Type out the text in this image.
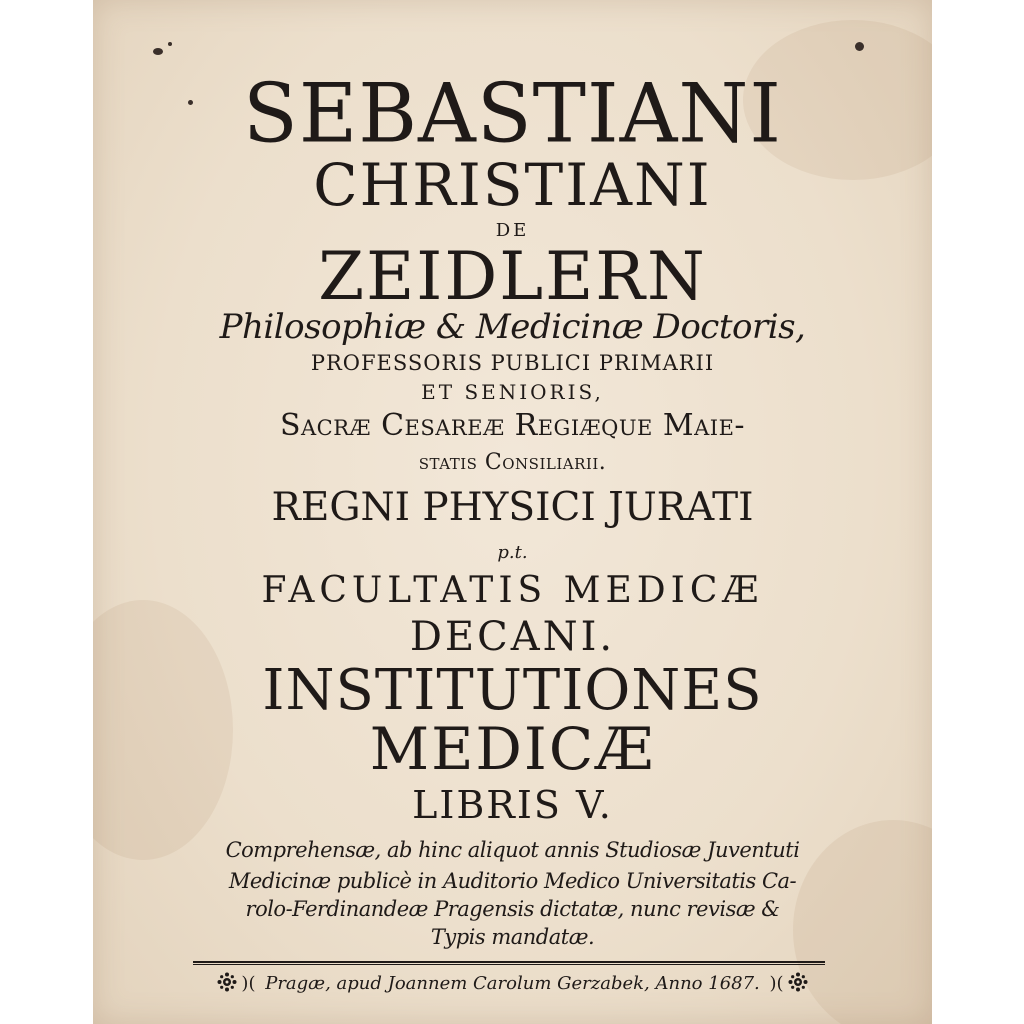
SEBASTIANI
CHRISTIANI
DE
ZEIDLERN
Philosophiæ & Medicinæ Doctoris,
PROFESSORIS PUBLICI PRIMARII
ET SENIORIS,
Sacræ Cesareæ Regiæque Maie-
statis Consiliarii.
REGNI PHYSICI JURATI
p.t.
FACULTATIS MEDICÆ
DECANI.
INSTITUTIONES
MEDICÆ
LIBRIS V.
Comprehensæ, ab hinc aliquot annis Studiosæ Juventuti
Medicinæ publicè in Auditorio Medico Universitatis Ca-
rolo-Ferdinandeæ Pragensis dictatæ, nunc revisæ &
Typis mandatæ.
)( Pragæ, apud Joannem Carolum Gerzabek, Anno 1687. )(
